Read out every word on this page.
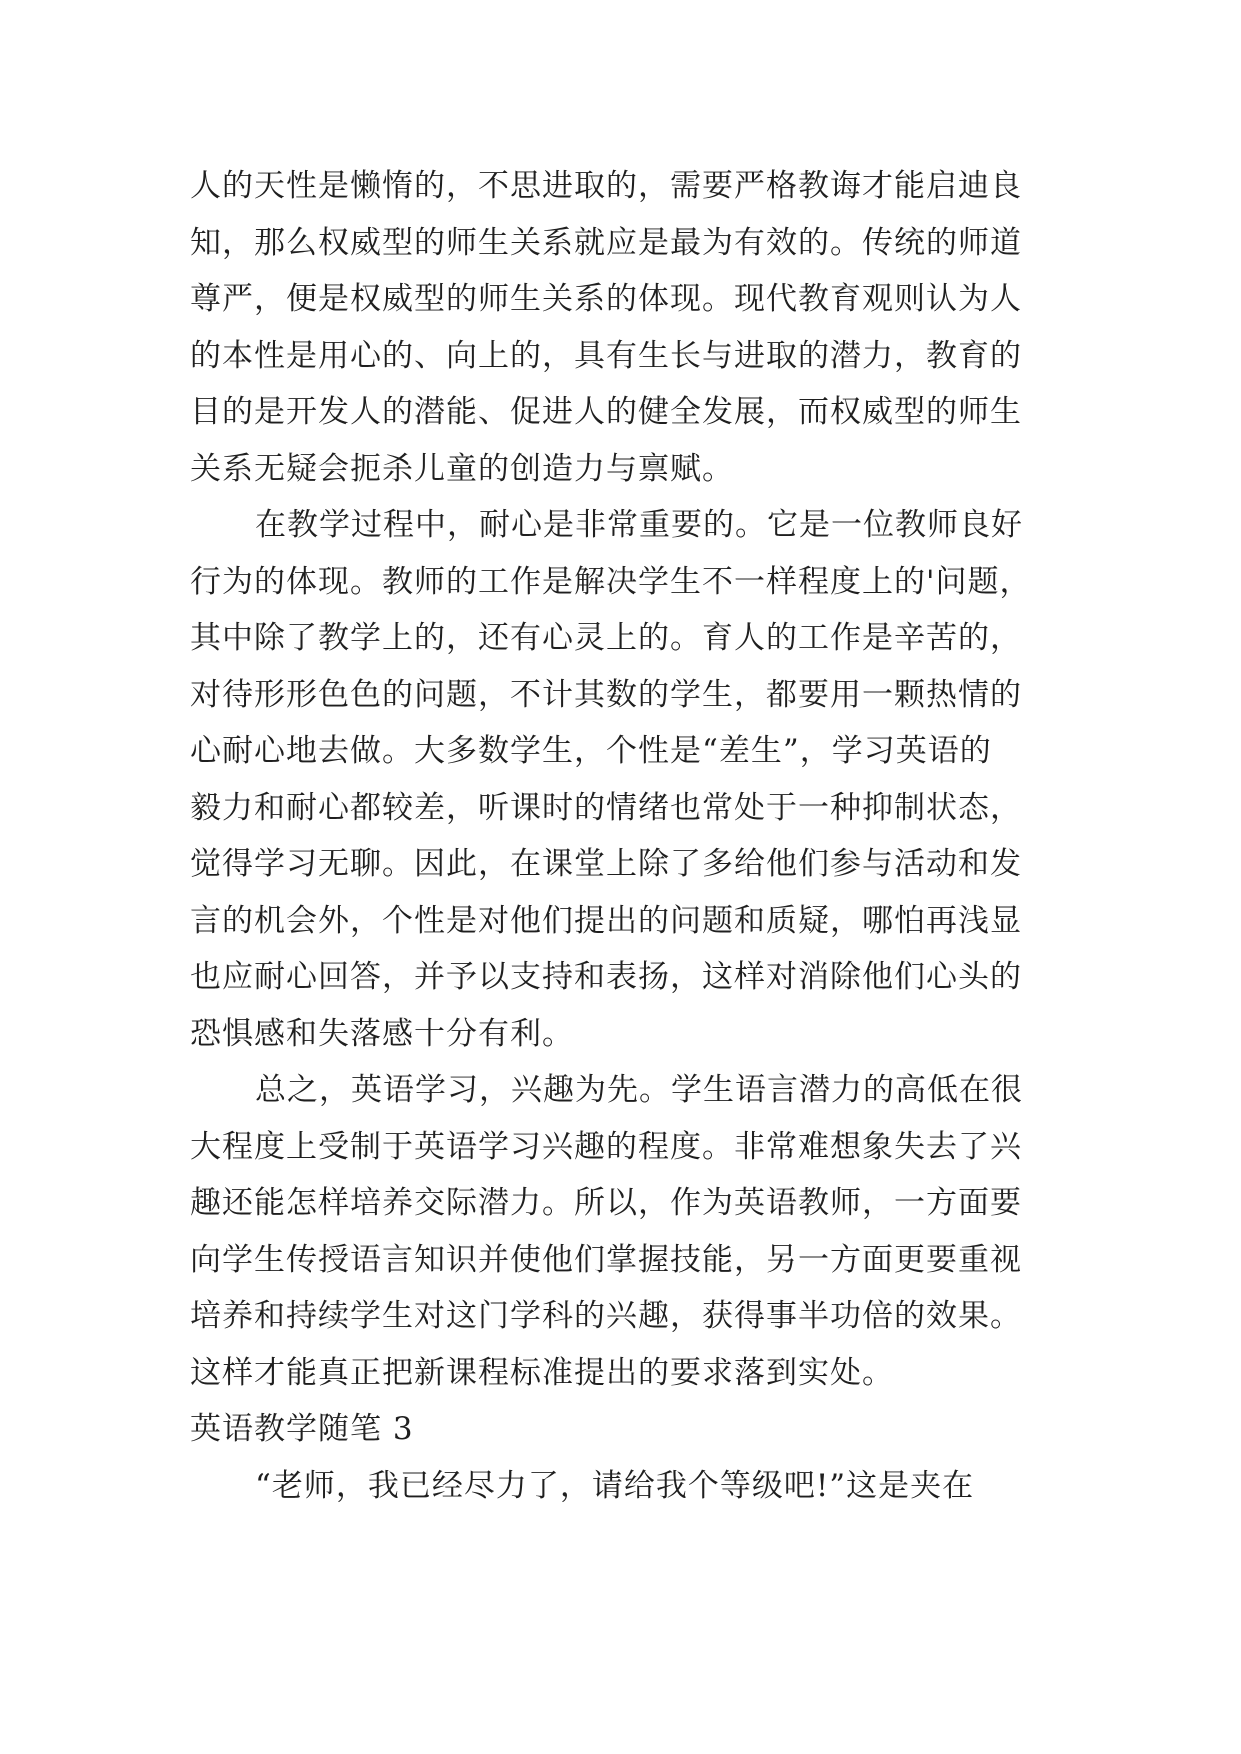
人的天性是懒惰的，不思进取的，需要严格教诲才能启迪良
知，那么权威型的师生关系就应是最为有效的。传统的师道
尊严，便是权威型的师生关系的体现。现代教育观则认为人
的本性是用心的、向上的，具有生长与进取的潜力，教育的
目的是开发人的潜能、促进人的健全发展，而权威型的师生
关系无疑会扼杀儿童的创造力与禀赋。
在教学过程中，耐心是非常重要的。它是一位教师良好
行为的体现。教师的工作是解决学生不一样程度上的'问题，
其中除了教学上的，还有心灵上的。育人的工作是辛苦的，
对待形形色色的问题，不计其数的学生，都要用一颗热情的
心耐心地去做。大多数学生，个性是“差生”，学习英语的
毅力和耐心都较差，听课时的情绪也常处于一种抑制状态，
觉得学习无聊。因此，在课堂上除了多给他们参与活动和发
言的机会外，个性是对他们提出的问题和质疑，哪怕再浅显
也应耐心回答，并予以支持和表扬，这样对消除他们心头的
恐惧感和失落感十分有利。
总之，英语学习，兴趣为先。学生语言潜力的高低在很
大程度上受制于英语学习兴趣的程度。非常难想象失去了兴
趣还能怎样培养交际潜力。所以，作为英语教师，一方面要
向学生传授语言知识并使他们掌握技能，另一方面更要重视
培养和持续学生对这门学科的兴趣，获得事半功倍的效果。
这样才能真正把新课程标准提出的要求落到实处。
英语教学随笔 3
“老师，我已经尽力了，请给我个等级吧!”这是夹在
